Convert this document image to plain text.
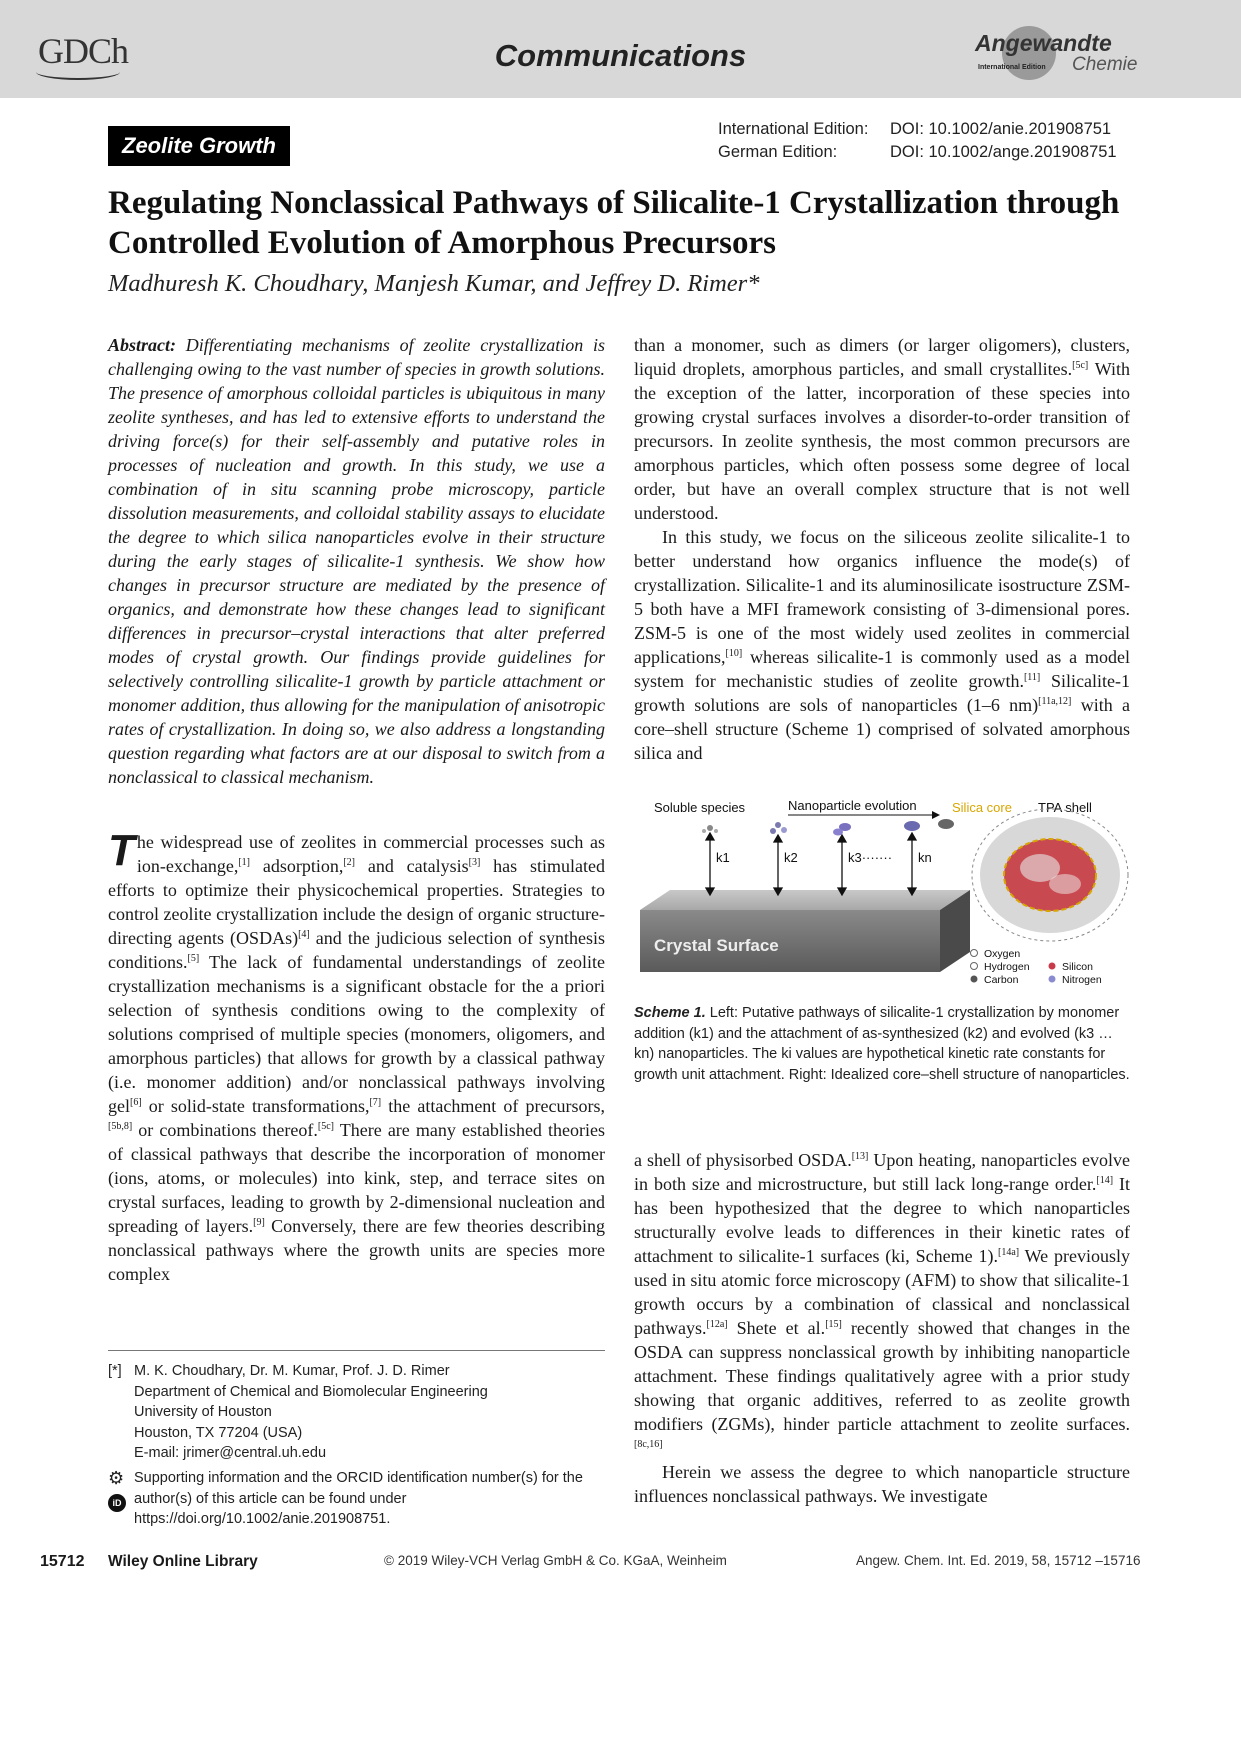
GDCh	Communications	Angewandte
International Edition Chemie
Zeolite Growth
International Edition: DOI: 10.1002/anie.201908751
German Edition:	DOI: 10.1002/ange.201908751
Regulating Nonclassical Pathways of Silicalite-1 Crystallization through Controlled Evolution of Amorphous Precursors
Madhuresh K. Choudhary, Manjesh Kumar, and Jeffrey D. Rimer*
Abstract: Differentiating mechanisms of zeolite crystallization is challenging owing to the vast number of species in growth solutions. The presence of amorphous colloidal particles is ubiquitous in many zeolite syntheses, and has led to extensive efforts to understand the driving force(s) for their self-assembly and putative roles in processes of nucleation and growth. In this study, we use a combination of in situ scanning probe microscopy, particle dissolution measurements, and colloidal stability assays to elucidate the degree to which silica nanoparticles evolve in their structure during the early stages of silicalite-1 synthesis. We show how changes in precursor structure are mediated by the presence of organics, and demonstrate how these changes lead to significant differences in precursor–crystal interactions that alter preferred modes of crystal growth. Our findings provide guidelines for selectively controlling silicalite-1 growth by particle attachment or monomer addition, thus allowing for the manipulation of anisotropic rates of crystallization. In doing so, we also address a longstanding question regarding what factors are at our disposal to switch from a nonclassical to classical mechanism.
The widespread use of zeolites in commercial processes such as ion-exchange,[1] adsorption,[2] and catalysis[3] has stimulated efforts to optimize their physicochemical properties. Strategies to control zeolite crystallization include the design of organic structure-directing agents (OSDAs)[4] and the judicious selection of synthesis conditions.[5] The lack of fundamental understandings of zeolite crystallization mechanisms is a significant obstacle for the a priori selection of synthesis conditions owing to the complexity of solutions comprised of multiple species (monomers, oligomers, and amorphous particles) that allows for growth by a classical pathway (i.e. monomer addition) and/or nonclassical pathways involving gel[6] or solid-state transformations,[7] the attachment of precursors,[5b,8] or combinations thereof.[5c] There are many established theories of classical pathways that describe the incorporation of monomer (ions, atoms, or molecules) into kink, step, and terrace sites on crystal surfaces, leading to growth by 2-dimensional nucleation and spreading of layers.[9] Conversely, there are few theories describing nonclassical pathways where the growth units are species more complex
[*] M. K. Choudhary, Dr. M. Kumar, Prof. J. D. Rimer
Department of Chemical and Biomolecular Engineering
University of Houston
Houston, TX 77204 (USA)
E-mail: jrimer@central.uh.edu
⚙
iD
Supporting information and the ORCID identification number(s) for the author(s) of this article can be found under https://doi.org/10.1002/anie.201908751.

than a monomer, such as dimers (or larger oligomers), clusters, liquid droplets, amorphous particles, and small crystallites.[5c] With the exception of the latter, incorporation of these species into growing crystal surfaces involves a disorder-to-order transition of precursors. In zeolite synthesis, the most common precursors are amorphous particles, which often possess some degree of local order, but have an overall complex structure that is not well understood.

In this study, we focus on the siliceous zeolite silicalite-1 to better understand how organics influence the mode(s) of crystallization. Silicalite-1 and its aluminosilicate isostructure ZSM-5 both have a MFI framework consisting of 3-dimensional pores. ZSM-5 is one of the most widely used zeolites in commercial applications,[10] whereas silicalite-1 is commonly used as a model system for mechanistic studies of zeolite growth.[11] Silicalite-1 growth solutions are sols of nanoparticles (1–6 nm)[11a,12] with a core–shell structure (Scheme 1) comprised of solvated amorphous silica and

Crystal Surface
Soluble species	Nanoparticle evolution	Silica core TPA shell
k1	k2	k3······· kn
Oxygen
Hydrogen
Carbon
Silicon
Nitrogen
Scheme 1. Left: Putative pathways of silicalite-1 crystallization by monomer addition (k1) and the attachment of as-synthesized (k2) and evolved (k3 … kn) nanoparticles. The ki values are hypothetical kinetic rate constants for growth unit attachment. Right: Idealized core–shell structure of nanoparticles.

a shell of physisorbed OSDA.[13] Upon heating, nanoparticles evolve in both size and microstructure, but still lack long-range order.[14] It has been hypothesized that the degree to which nanoparticles structurally evolve leads to differences in their kinetic rates of attachment to silicalite-1 surfaces (ki, Scheme 1).[14a] We previously used in situ atomic force microscopy (AFM) to show that silicalite-1 growth occurs by a combination of classical and nonclassical pathways.[12a] Shete et al.[15] recently showed that changes in the OSDA can suppress nonclassical growth by inhibiting nanoparticle attachment. These findings qualitatively agree with a prior study showing that organic additives, referred to as zeolite growth modifiers (ZGMs), hinder particle attachment to zeolite surfaces.[8c,16]

Herein we assess the degree to which nanoparticle structure influences nonclassical pathways. We investigate

15712 Wiley Online Library	© 2019 Wiley-VCH Verlag GmbH & Co. KGaA, Weinheim	Angew. Chem. Int. Ed. 2019, 58, 15712 –15716
